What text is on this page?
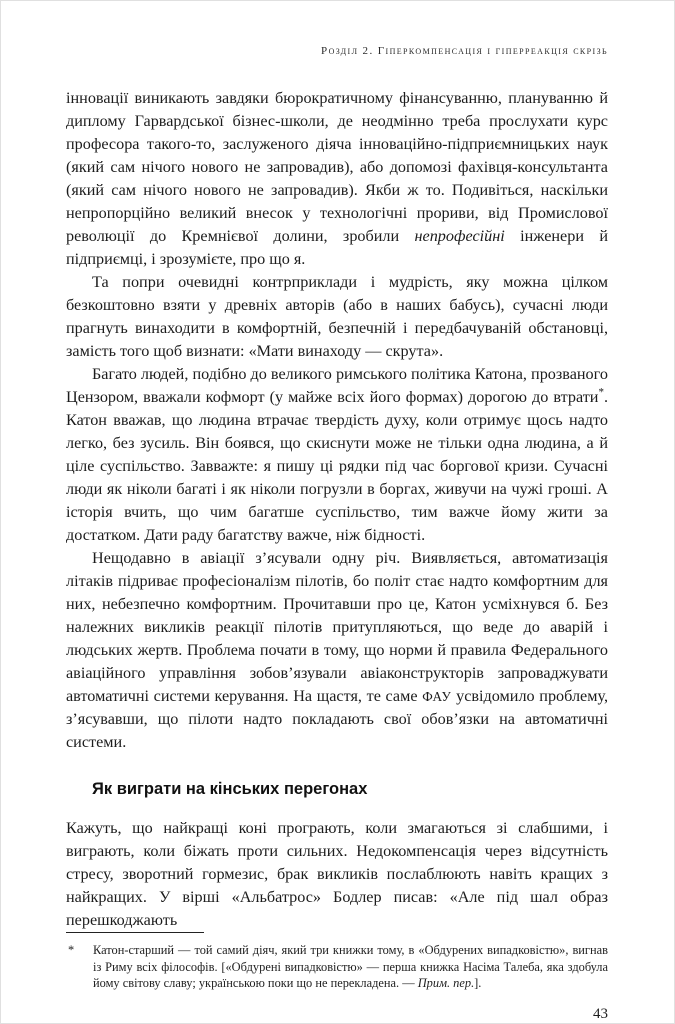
Розділ 2. Гіперкомпенсація і гіперреакція скрізь

інновації виникають завдяки бюрократичному фінансуванню, плануванню й диплому Гарвардської бізнес-школи, де неодмінно треба прослухати курс професора такого-то, заслуженого діяча інноваційно-підприємницьких наук (який сам нічого нового не запровадив), або допомозі фахівця-консультанта (який сам нічого нового не запровадив). Якби ж то. Подивіться, наскільки непропорційно великий внесок у технологічні прориви, від Промислової революції до Кремнієвої долини, зробили непрофесійні інженери й підприємці, і зрозумієте, про що я.

Та попри очевидні контрприклади і мудрість, яку можна цілком безкоштовно взяти у древніх авторів (або в наших бабусь), сучасні люди прагнуть винаходити в комфортній, безпечній і передбачуваній обстановці, замість того щоб визнати: «Мати винаходу — скрута».

Багато людей, подібно до великого римського політика Катона, прозваного Цензором, вважали кофморт (у майже всіх його формах) дорогою до втрати*. Катон вважав, що людина втрачає твердість духу, коли отримує щось надто легко, без зусиль. Він боявся, що скиснути може не тільки одна людина, а й ціле суспільство. Завважте: я пишу ці рядки під час боргової кризи. Сучасні люди як ніколи багаті і як ніколи погрузли в боргах, живучи на чужі гроші. А історія вчить, що чим багатше суспільство, тим важче йому жити за достатком. Дати раду багатству важче, ніж бідності.

Нещодавно в авіації з’ясували одну річ. Виявляється, автоматизація літаків підриває професіоналізм пілотів, бо політ стає надто комфортним для них, небезпечно комфортним. Прочитавши про це, Катон усміхнувся б. Без належних викликів реакції пілотів притупляються, що веде до аварій і людських жертв. Проблема почати в тому, що норми й правила Федерального авіаційного управління зобов’язували авіаконструкторів запроваджувати автоматичні системи керування. На щастя, те саме ФАУ усвідомило проблему, з’ясувавши, що пілоти надто покладають свої обов’язки на автоматичні системи.

Як виграти на кінських перегонах

Кажуть, що найкращі коні програють, коли змагаються зі слабшими, і виграють, коли біжать проти сильних. Недокомпенсація через відсутність стресу, зворотний гормезис, брак викликів послаблюють навіть кращих з найкращих. У вірші «Альбатрос» Бодлер писав: «Але під шал образ перешкоджають

* Катон-старший — той самий діяч, який три книжки тому, в «Обдурених випадковістю», вигнав із Риму всіх філософів. [«Обдурені випадковістю» — перша книжка Насіма Талеба, яка здобула йому світову славу; українською поки що не перекладена. — Прим. пер.].
43
